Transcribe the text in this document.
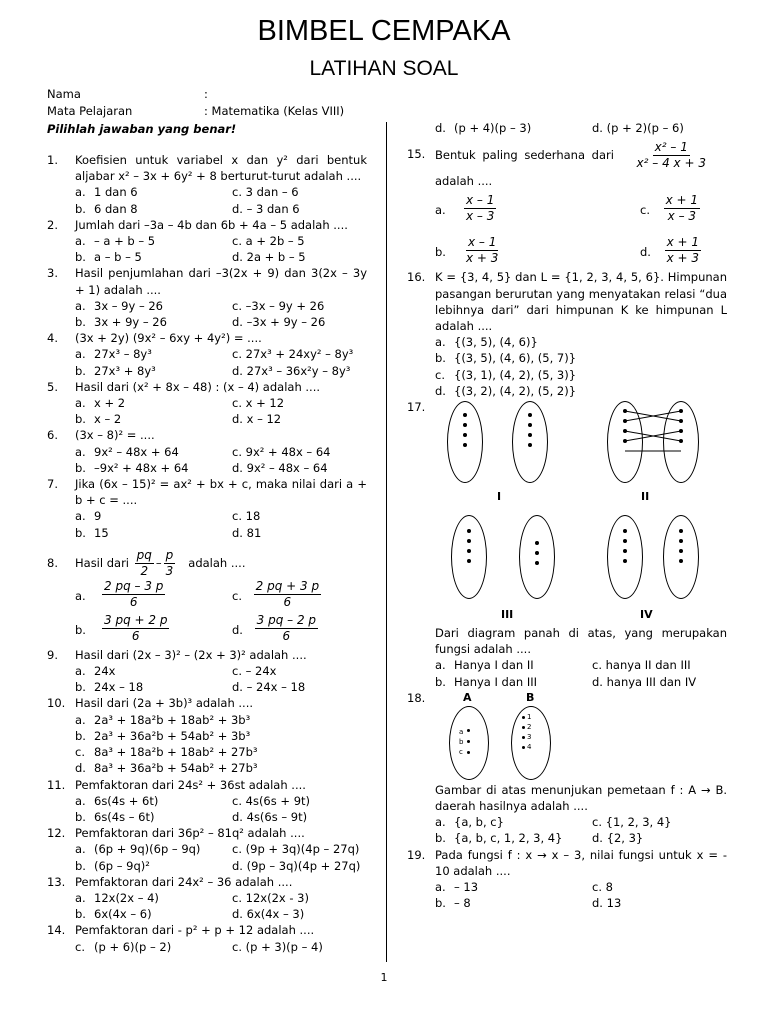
BIMBEL CEMPAKA
LATIHAN SOAL
Nama	:
Mata Pelajaran	: Matematika (Kelas VIII)
Pilihlah jawaban yang benar!
1. Koefisien untuk variabel x dan y² dari bentuk aljabar x² – 3x + 6y² + 8 berturut-turut adalah ....
a. 1 dan 6	c. 3 dan – 6
b. 6 dan 8	d. – 3 dan 6
2. Jumlah dari –3a – 4b dan 6b + 4a – 5 adalah ....
a. – a + b – 5	c. a + 2b – 5
b. a – b – 5	d. 2a + b – 5
3. Hasil penjumlahan dari –3(2x + 9) dan 3(2x – 3y + 1) adalah ....
a. 3x – 9y – 26	c. –3x – 9y + 26
b. 3x + 9y – 26	d. –3x + 9y – 26
4. (3x + 2y) (9x² – 6xy + 4y²) = ....
a. 27x³ – 8y³	c. 27x³ + 24xy² – 8y³
b. 27x³ + 8y³	d. 27x³ – 36x²y – 8y³
5. Hasil dari (x² + 8x – 48) : (x – 4) adalah ....
a. x + 2	c. x + 12
b. x – 2	d. x – 12
6. (3x – 8)² = ....
a. 9x² – 48x + 64	c. 9x² + 48x – 64
b. –9x² + 48x + 64	d. 9x² – 48x – 64
7. Jika (6x – 15)² = ax² + bx + c, maka nilai dari a + b + c = ....
a. 9	c. 18
b. 15	d. 81
8. Hasil dari $\frac{pq}{2} - \frac{p}{3}$ adalah ....
a.	$\frac{2 pq - 3 p}{6}$	c. $\frac{2 pq + 3 p}{6}$
b.	$\frac{3 pq + 2 p}{6}$	d. $\frac{3 pq - 2 p}{6}$
9. Hasil dari (2x – 3)² – (2x + 3)² adalah ....
a. 24x	c. – 24x
b. 24x – 18	d. – 24x – 18
10. Hasil dari (2a + 3b)³ adalah ....
a. 2a³ + 18a²b + 18ab² + 3b³
b. 2a³ + 36a²b + 54ab² + 3b³
c. 8a³ + 18a²b + 18ab² + 27b³
d. 8a³ + 36a²b + 54ab² + 27b³
11. Pemfaktoran dari 24s² + 36st adalah ....
a. 6s(4s + 6t)	c. 4s(6s + 9t)
b. 6s(4s – 6t)	d. 4s(6s – 9t)
12. Pemfaktoran dari 36p² – 81q² adalah ....
a. (6p + 9q)(6p – 9q)	c. (9p + 3q)(4p – 27q)
b. (6p – 9q)²	d. (9p – 3q)(4p + 27q)
13. Pemfaktoran dari 24x² – 36 adalah ....
a. 12x(2x – 4)	c. 12x(2x - 3)
b. 6x(4x – 6)	d. 6x(4x – 3)
14. Pemfaktoran dari - p² + p + 12 adalah ....
c. (p + 6)(p – 2)	c. (p + 3)(p – 4)
d. (p + 4)(p – 3)	d. (p + 2)(p – 6)
15. Bentuk paling sederhana dari $\frac{\text{x² – 1}}{\text{x² – 4 x + 3}}$
adalah ....
a.	$\frac{x - 1}{x - 3}$	c. $\frac{x + 1}{x - 3}$
b.	$\frac{x - 1}{x + 3}$	d. $\frac{x + 1}{x + 3}$
16. K = {3, 4, 5} dan L = {1, 2, 3, 4, 5, 6}. Himpunan pasangan berurutan yang menyatakan relasi “dua lebihnya dari” dari himpunan K ke himpunan L adalah ....
a. {(3, 5), (4, 6)}
b. {(3, 5), (4, 6), (5, 7)}
c. {(3, 1), (4, 2), (5, 3)}
d. {(3, 2), (4, 2), (5, 2)}
17.
I	II
III	IV
Dari diagram panah di atas, yang merupakan fungsi adalah ....
a. Hanya I dan II	c. hanya II dan III
b. Hanya I dan III	d. hanya III dan IV
18.	A	B
a
b
c
1
2
3
4
Gambar di atas menunjukan pemetaan f : A → B. daerah hasilnya adalah ....
a. {a, b, c}	c. {1, 2, 3, 4}
b. {a, b, c, 1, 2, 3, 4}	d. {2, 3}
19. Pada fungsi f : x → x – 3, nilai fungsi untuk x = - 10 adalah ....
a. – 13	c. 8
b. – 8	d. 13
1
